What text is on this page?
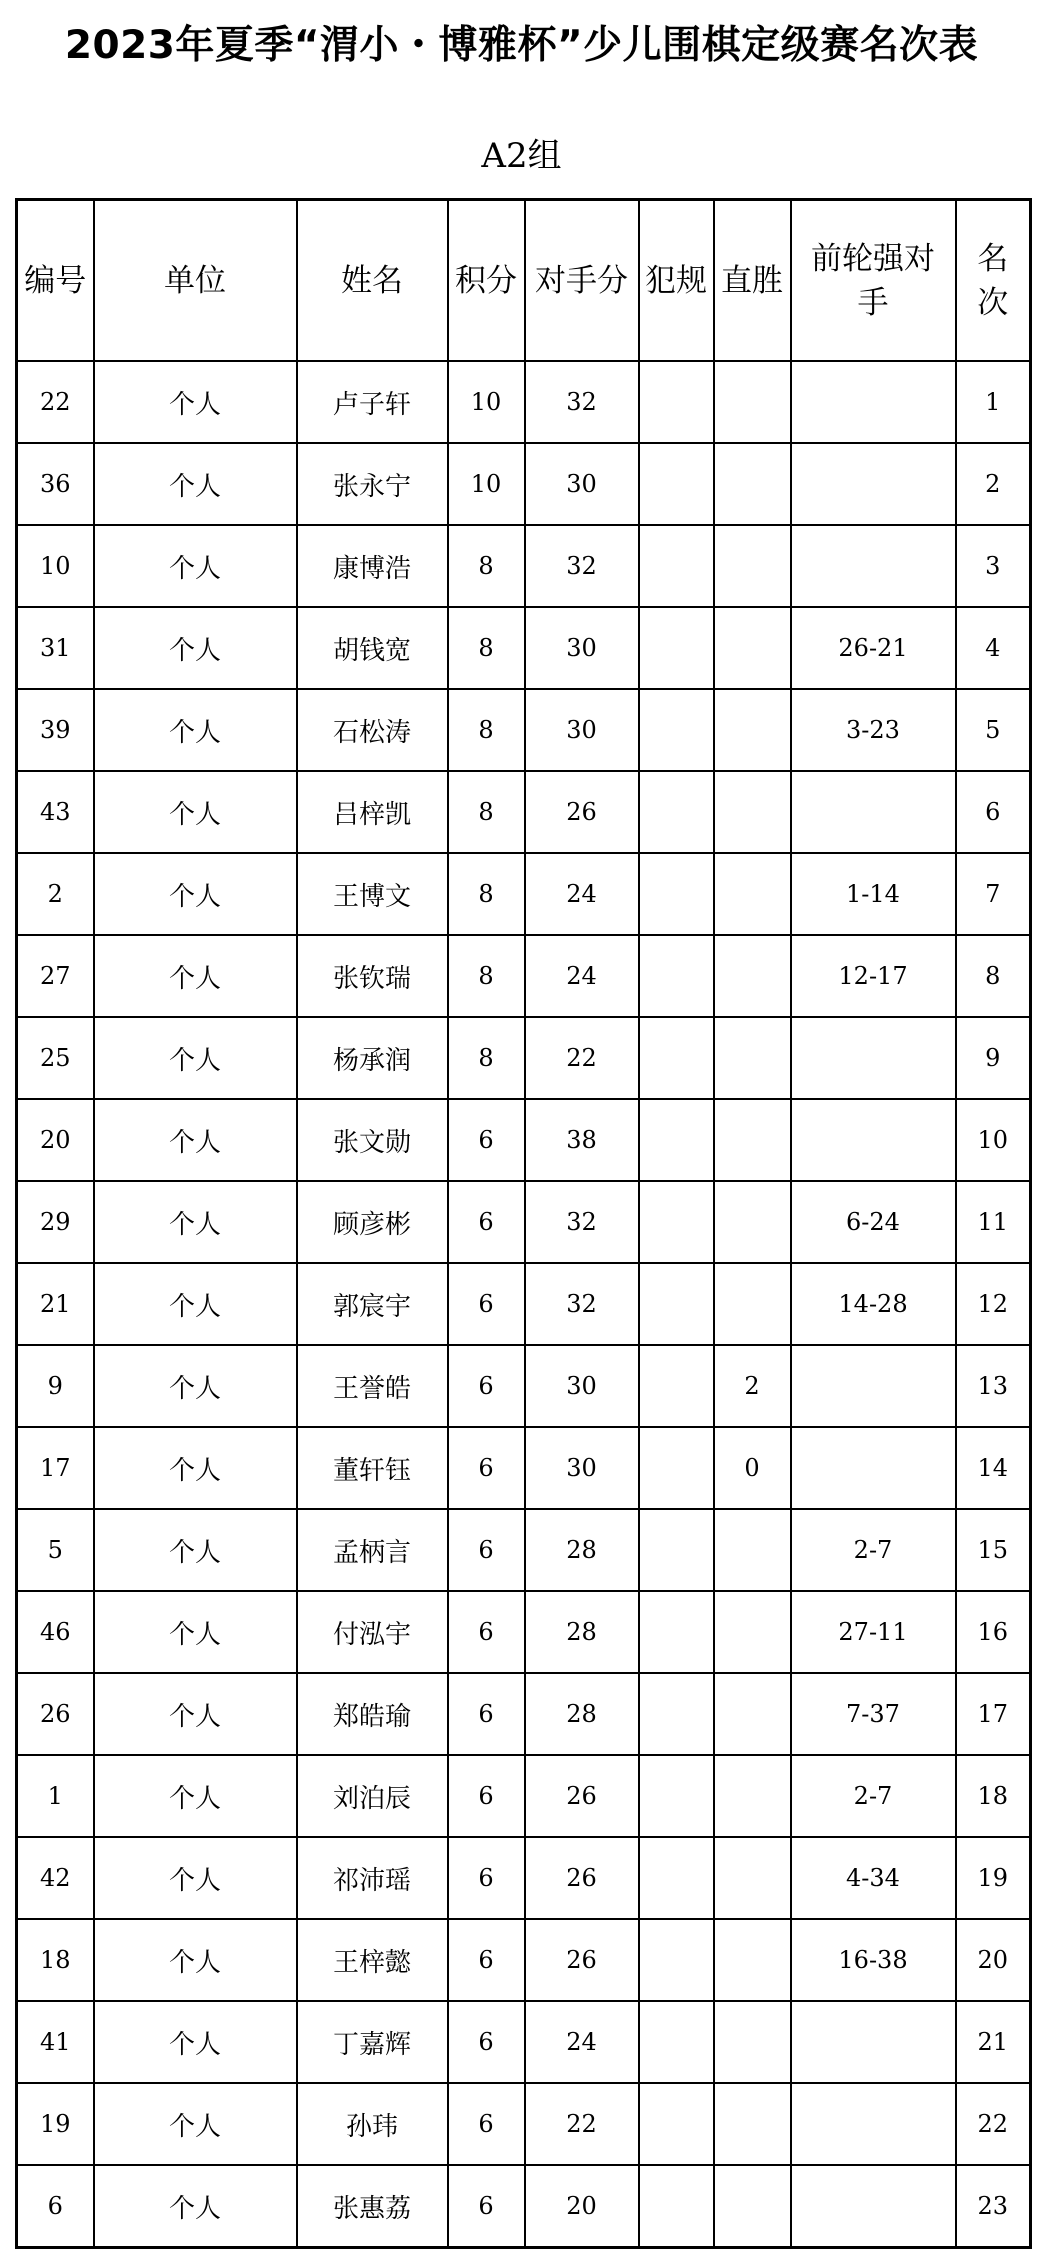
2023年夏季“渭小・博雅杯”少儿围棋定级赛名次表
A2组
编号	单位	姓名	积分	对手分	犯规	直胜	前轮强对手	名次
22	个人	卢子轩	10	32				1
36	个人	张永宁	10	30				2
10	个人	康博浩	8	32				3
31	个人	胡钱宽	8	30			26-21	4
39	个人	石松涛	8	30			3-23	5
43	个人	吕梓凯	8	26				6
2	个人	王博文	8	24			1-14	7
27	个人	张钦瑞	8	24			12-17	8
25	个人	杨承润	8	22				9
20	个人	张文勋	6	38				10
29	个人	顾彦彬	6	32			6-24	11
21	个人	郭宸宇	6	32			14-28	12
9	个人	王誉皓	6	30		2		13
17	个人	董轩钰	6	30		0		14
5	个人	孟柄言	6	28			2-7	15
46	个人	付泓宇	6	28			27-11	16
26	个人	郑皓瑜	6	28			7-37	17
1	个人	刘泊辰	6	26			2-7	18
42	个人	祁沛瑶	6	26			4-34	19
18	个人	王梓懿	6	26			16-38	20
41	个人	丁嘉辉	6	24				21
19	个人	孙玮	6	22				22
6	个人	张惠荔	6	20				23
